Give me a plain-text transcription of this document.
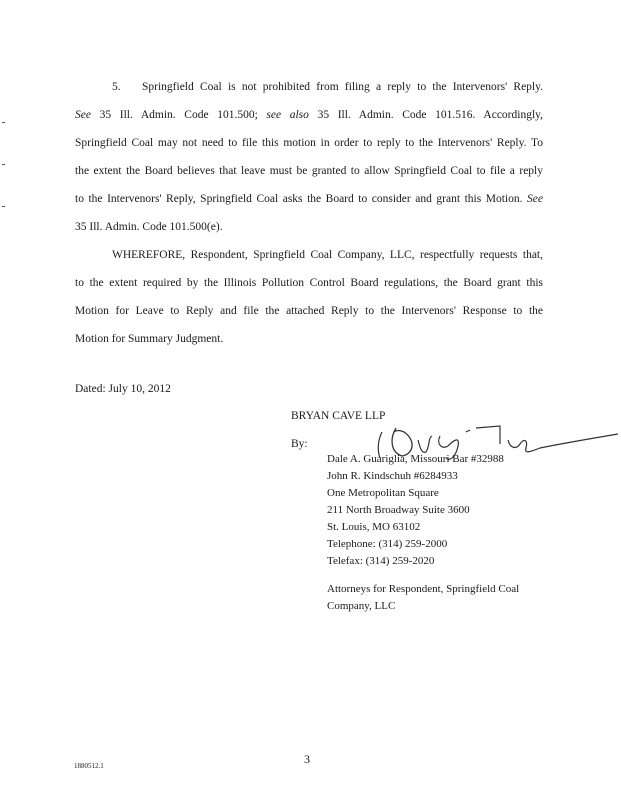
5. Springfield Coal is not prohibited from filing a reply to the Intervenors' Reply.
See 35 Ill. Admin. Code 101.500; see also 35 Ill. Admin. Code 101.516. Accordingly,
Springfield Coal may not need to file this motion in order to reply to the Intervenors' Reply. To
the extent the Board believes that leave must be granted to allow Springfield Coal to file a reply
to the Intervenors' Reply, Springfield Coal asks the Board to consider and grant this Motion. See
35 Ill. Admin. Code 101.500(e).
WHEREFORE, Respondent, Springfield Coal Company, LLC, respectfully requests that,
to the extent required by the Illinois Pollution Control Board regulations, the Board grant this
Motion for Leave to Reply and file the attached Reply to the Intervenors' Response to the
Motion for Summary Judgment.
Dated: July 10, 2012
BRYAN CAVE LLP
By:
Dale A. Guariglia, Missouri Bar #32988
John R. Kindschuh #6284933
One Metropolitan Square
211 North Broadway Suite 3600
St. Louis, MO 63102
Telephone: (314) 259-2000
Telefax: (314) 259-2020
Attorneys for Respondent, Springfield Coal
Company, LLC
1880512.1	3
